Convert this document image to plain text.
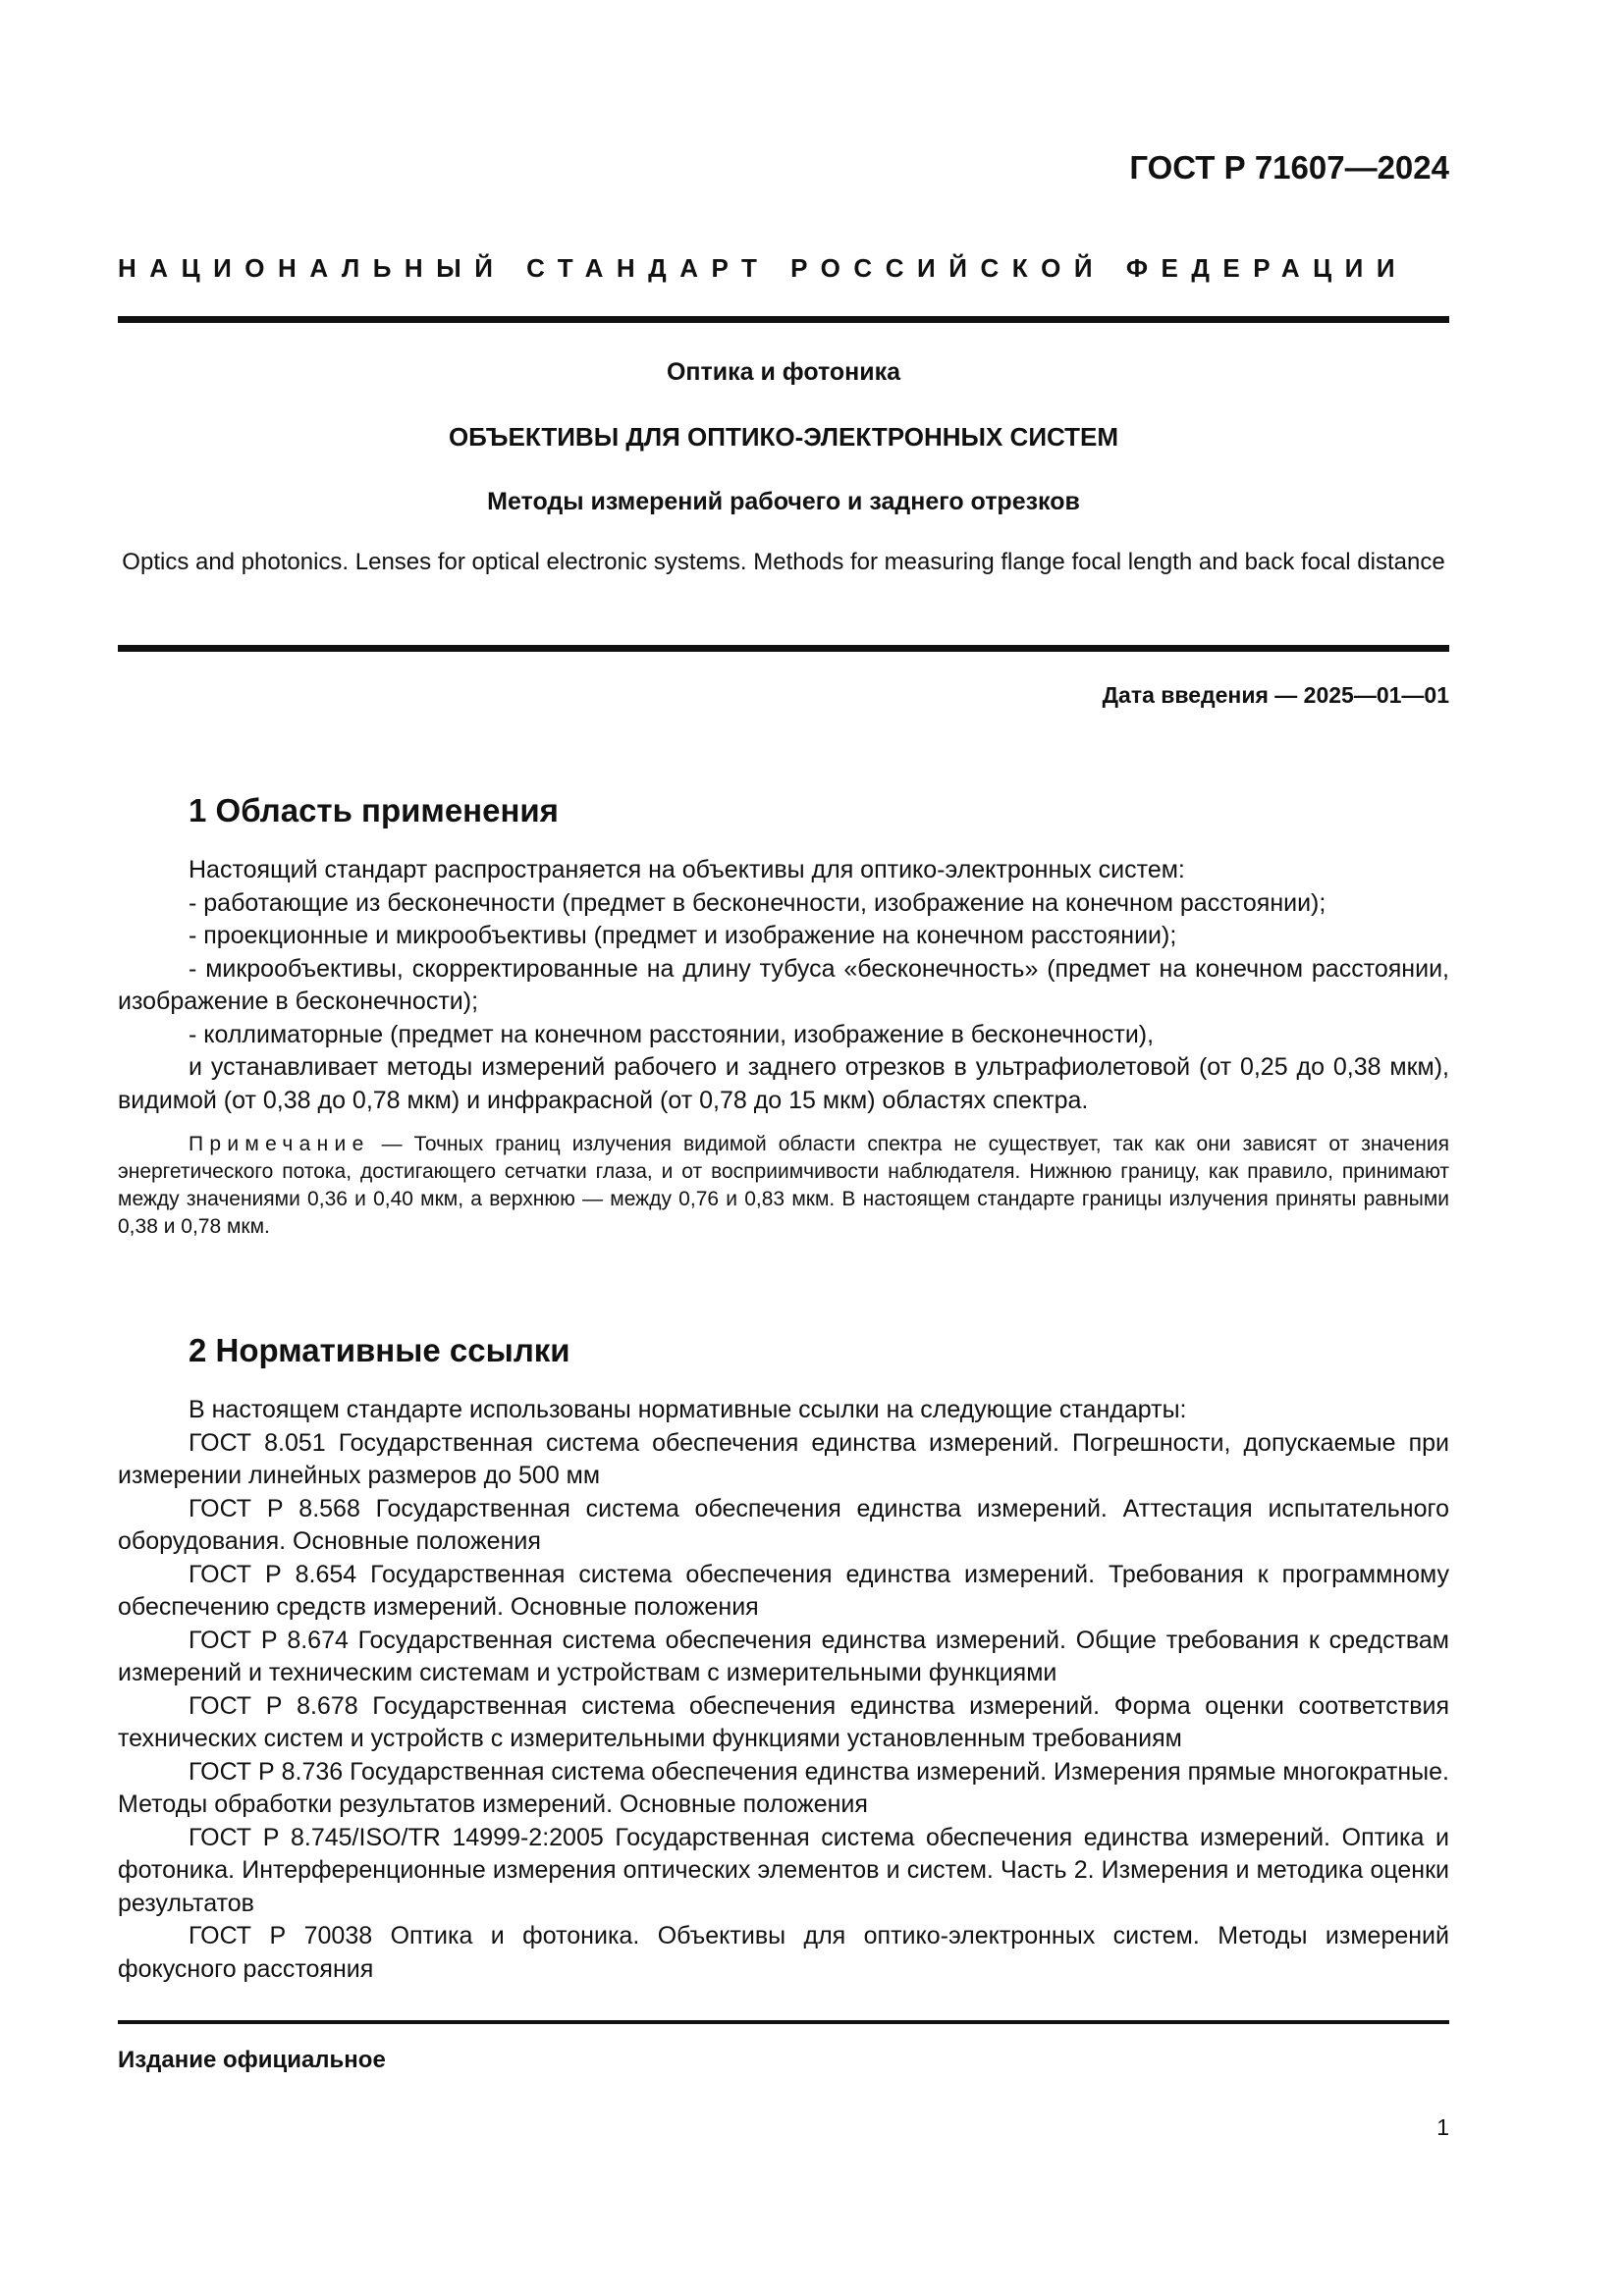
ГОСТ Р 71607—2024

НАЦИОНАЛЬНЫЙ СТАНДАРТ РОССИЙСКОЙ ФЕДЕРАЦИИ

Оптика и фотоника

ОБЪЕКТИВЫ ДЛЯ ОПТИКО-ЭЛЕКТРОННЫХ СИСТЕМ

Методы измерений рабочего и заднего отрезков

Optics and photonics. Lenses for optical electronic systems. Methods for measuring flange focal length and back focal distance

Дата введения — 2025—01—01

1 Область применения

Настоящий стандарт распространяется на объективы для оптико-электронных систем:

- работающие из бесконечности (предмет в бесконечности, изображение на конечном расстоянии);

- проекционные и микрообъективы (предмет и изображение на конечном расстоянии);

- микрообъективы, скорректированные на длину тубуса «бесконечность» (предмет на конечном расстоянии, изображение в бесконечности);

- коллиматорные (предмет на конечном расстоянии, изображение в бесконечности),

и устанавливает методы измерений рабочего и заднего отрезков в ультрафиолетовой (от 0,25 до 0,38 мкм), видимой (от 0,38 до 0,78 мкм) и инфракрасной (от 0,78 до 15 мкм) областях спектра.

Примечание — Точных границ излучения видимой области спектра не существует, так как они зависят от значения энергетического потока, достигающего сетчатки глаза, и от восприимчивости наблюдателя. Нижнюю границу, как правило, принимают между значениями 0,36 и 0,40 мкм, а верхнюю — между 0,76 и 0,83 мкм. В настоящем стандарте границы излучения приняты равными 0,38 и 0,78 мкм.

2 Нормативные ссылки

В настоящем стандарте использованы нормативные ссылки на следующие стандарты:

ГОСТ 8.051 Государственная система обеспечения единства измерений. Погрешности, допускаемые при измерении линейных размеров до 500 мм

ГОСТ Р 8.568 Государственная система обеспечения единства измерений. Аттестация испытательного оборудования. Основные положения

ГОСТ Р 8.654 Государственная система обеспечения единства измерений. Требования к программному обеспечению средств измерений. Основные положения

ГОСТ Р 8.674 Государственная система обеспечения единства измерений. Общие требования к средствам измерений и техническим системам и устройствам с измерительными функциями

ГОСТ Р 8.678 Государственная система обеспечения единства измерений. Форма оценки соответствия технических систем и устройств с измерительными функциями установленным требованиям

ГОСТ Р 8.736 Государственная система обеспечения единства измерений. Измерения прямые многократные. Методы обработки результатов измерений. Основные положения

ГОСТ Р 8.745/ISO/TR 14999-2:2005 Государственная система обеспечения единства измерений. Оптика и фотоника. Интерференционные измерения оптических элементов и систем. Часть 2. Измерения и методика оценки результатов

ГОСТ Р 70038 Оптика и фотоника. Объективы для оптико-электронных систем. Методы измерений фокусного расстояния

Издание официальное

1
